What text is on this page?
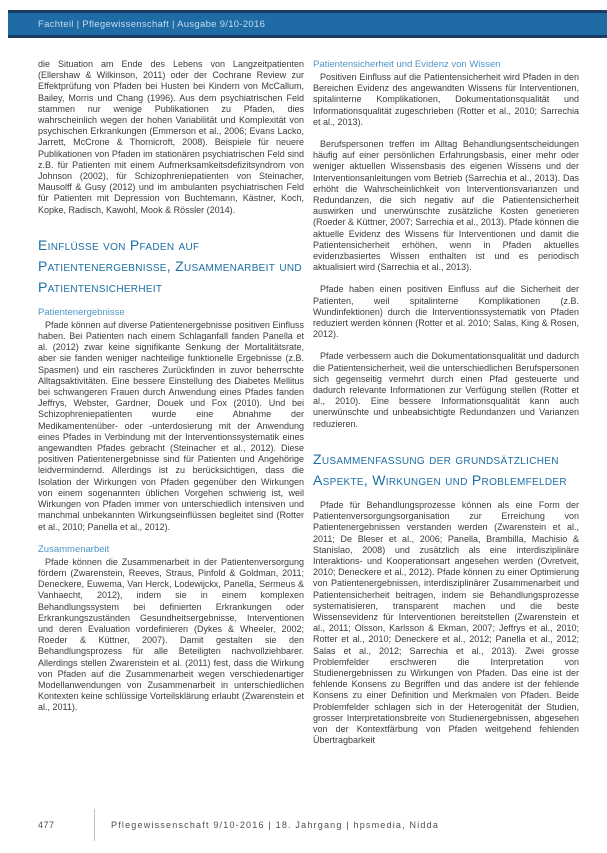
Fachteil | Pflegewissenschaft | Ausgabe 9/10-2016

die Situation am Ende des Lebens von Langzeitpatienten (Ellershaw & Wilkinson, 2011) oder der Cochrane Review zur Effektprüfung von Pfaden bei Husten bei Kindern von McCallum, Bailey, Morris und Chang (1996). Aus dem psychiatrischen Feld stammen nur wenige Publikationen zu Pfaden, dies wahrscheinlich wegen der hohen Variabilität und Komplexität von psychischen Erkrankungen (Emmerson et al., 2006; Evans Lacko, Jarrett, McCrone & Thornicroft, 2008). Beispiele für neuere Publikationen von Pfaden im stationären psychiatrischen Feld sind z.B. für Patienten mit einem Aufmerksamkeitsdefizitsyndrom von Johnson (2002), für Schizophreniepatienten von Steinacher, Mausolff & Gusy (2012) und im ambulanten psychiatrischen Feld für Patienten mit Depression von Buchtemann, Kästner, Koch, Kopke, Radisch, Kawohl, Mook & Rössler (2014).

Einflüsse von Pfaden auf Patientenergebnisse, Zusammenarbeit und Patientensicherheit
Patientenergebnisse

Pfade können auf diverse Patientenergebnisse positiven Einfluss haben. Bei Patienten nach einem Schlaganfall fanden Panella et al. (2012) zwar keine signifikante Senkung der Mortalitätsrate, aber sie fanden weniger nachteilige funktionelle Ergebnisse (z.B. Spasmen) und ein rascheres Zurückfinden in zuvor beherrschte Alltagsaktivitäten. Eine bessere Einstellung des Diabetes Mellitus bei schwangeren Frauen durch Anwendung eines Pfades fanden Jeffrys, Webster, Gardner, Douek und Fox (2010). Und bei Schizophreniepatienten wurde eine Abnahme der Medikamentenüber- oder -unterdosierung mit der Anwendung eines Pfades in Verbindung mit der Interventionssystematik eines angewandten Pfades gebracht (Steinacher et al., 2012). Diese positiven Patientenergebnisse sind für Patienten und Angehörige leidvermindernd. Allerdings ist zu berücksichtigen, dass die Isolation der Wirkungen von Pfaden gegenüber den Wirkungen von einem sogenannten üblichen Vorgehen schwierig ist, weil Wirkungen von Pfaden immer von unterschiedlich intensiven und manchmal unbekannten Wirkungseinflüssen begleitet sind (Rotter et al., 2010; Panella et al., 2012).

Zusammenarbeit

Pfade können die Zusammenarbeit in der Patientenversorgung fördern (Zwarenstein, Reeves, Straus, Pinfold & Goldman, 2011; Deneckere, Euwema, Van Herck, Lodewijckx, Panella, Sermeus & Vanhaecht, 2012), indem sie in einem komplexen Behandlungssystem bei definierten Erkrankungen oder Erkrankungszuständen Gesundheitsergebnisse, Interventionen und deren Evaluation vordefinieren (Dykes & Wheeler, 2002; Roeder & Küttner, 2007). Damit gestalten sie den Behandlungsprozess für alle Beteiligten nachvollziehbarer. Allerdings stellen Zwarenstein et al. (2011) fest, dass die Wirkung von Pfaden auf die Zusammenarbeit wegen verschiedenartiger Modellanwendungen von Zusammenarbeit in unterschiedlichen Kontexten keine schlüssige Vorteilsklärung erlaubt (Zwarenstein et al., 2011).

Patientensicherheit und Evidenz von Wissen

Positiven Einfluss auf die Patientensicherheit wird Pfaden in den Bereichen Evidenz des angewandten Wissens für Interventionen, spitalinterne Komplikationen, Dokumentationsqualität und Informationsqualität zugeschrieben (Rotter et al., 2010; Sarrechia et al., 2013).

Berufspersonen treffen im Alltag Behandlungsentscheidungen häufig auf einer persönlichen Erfahrungsbasis, einer mehr oder weniger aktuellen Wissensbasis des eigenen Wissens und der Interventionsanleitungen vom Betrieb (Sarrechia et al., 2013). Das erhöht die Wahrscheinlichkeit von Interventionsvarianzen und Redundanzen, die sich negativ auf die Patientensicherheit auswirken und unerwünschte zusätzliche Kosten generieren (Roeder & Küttner, 2007; Sarrechia et al., 2013). Pfade können die aktuelle Evidenz des Wissens für Interventionen und damit die Patientensicherheit erhöhen, wenn in Pfaden aktuelles evidenzbasiertes Wissen enthalten ist und es periodisch aktualisiert wird (Sarrechia et al., 2013).

Pfade haben einen positiven Einfluss auf die Sicherheit der Patienten, weil spitalinterne Komplikationen (z.B. Wundinfektionen) durch die Interventionssystematik von Pfaden reduziert werden können (Rotter et al. 2010; Salas, King & Rosen, 2012).

Pfade verbessern auch die Dokumentationsqualität und dadurch die Patientensicherheit, weil die unterschiedlichen Berufspersonen sich gegenseitig vermehrt durch einen Pfad gesteuerte und dadurch relevante Informationen zur Verfügung stellen (Rotter et al., 2010). Eine bessere Informationsqualität kann auch unerwünschte und unbeabsichtigte Redundanzen und Varianzen reduzieren.

Zusammenfassung der grundsätzlichen Aspekte, Wirkungen und Problemfelder

Pfade für Behandlungsprozesse können als eine Form der Patientenversorgungsorganisation zur Erreichung von Patientenergebnissen verstanden werden (Zwarenstein et al., 2011; De Bleser et al., 2006; Panella, Brambilla, Machisio & Stanislao, 2008) und zusätzlich als eine interdisziplinäre Interaktions- und Kooperationsart angesehen werden (Ovretveit, 2010; Deneckere et al., 2012). Pfade können zu einer Optimierung von Patientenergebnissen, interdisziplinärer Zusammenarbeit und Patientensicherheit beitragen, indem sie Behandlungsprozesse systematisieren, transparent machen und die beste Wissensevidenz für Interventionen bereitstellen (Zwarenstein et al., 2011; Olsson, Karlsson & Ekman, 2007; Jeffrys et al., 2010; Rotter et al., 2010; Deneckere et al., 2012; Panella et al., 2012; Salas et al., 2012; Sarrechia et al., 2013). Zwei grosse Problemfelder erschweren die Interpretation von Studienergebnissen zu Wirkungen von Pfaden. Das eine ist der fehlende Konsens zu Begriffen und das andere ist der fehlende Konsens zu einer Definition und Merkmalen von Pfaden. Beide Problemfelder schlagen sich in der Heterogenität der Studien, grosser Interpretationsbreite von Studienergebnissen, abgesehen von der Kontextfärbung von Pfaden weitgehend fehlenden Übertragbarkeit

477	Pflegewissenschaft 9/10-2016 | 18. Jahrgang | hpsmedia, Nidda
